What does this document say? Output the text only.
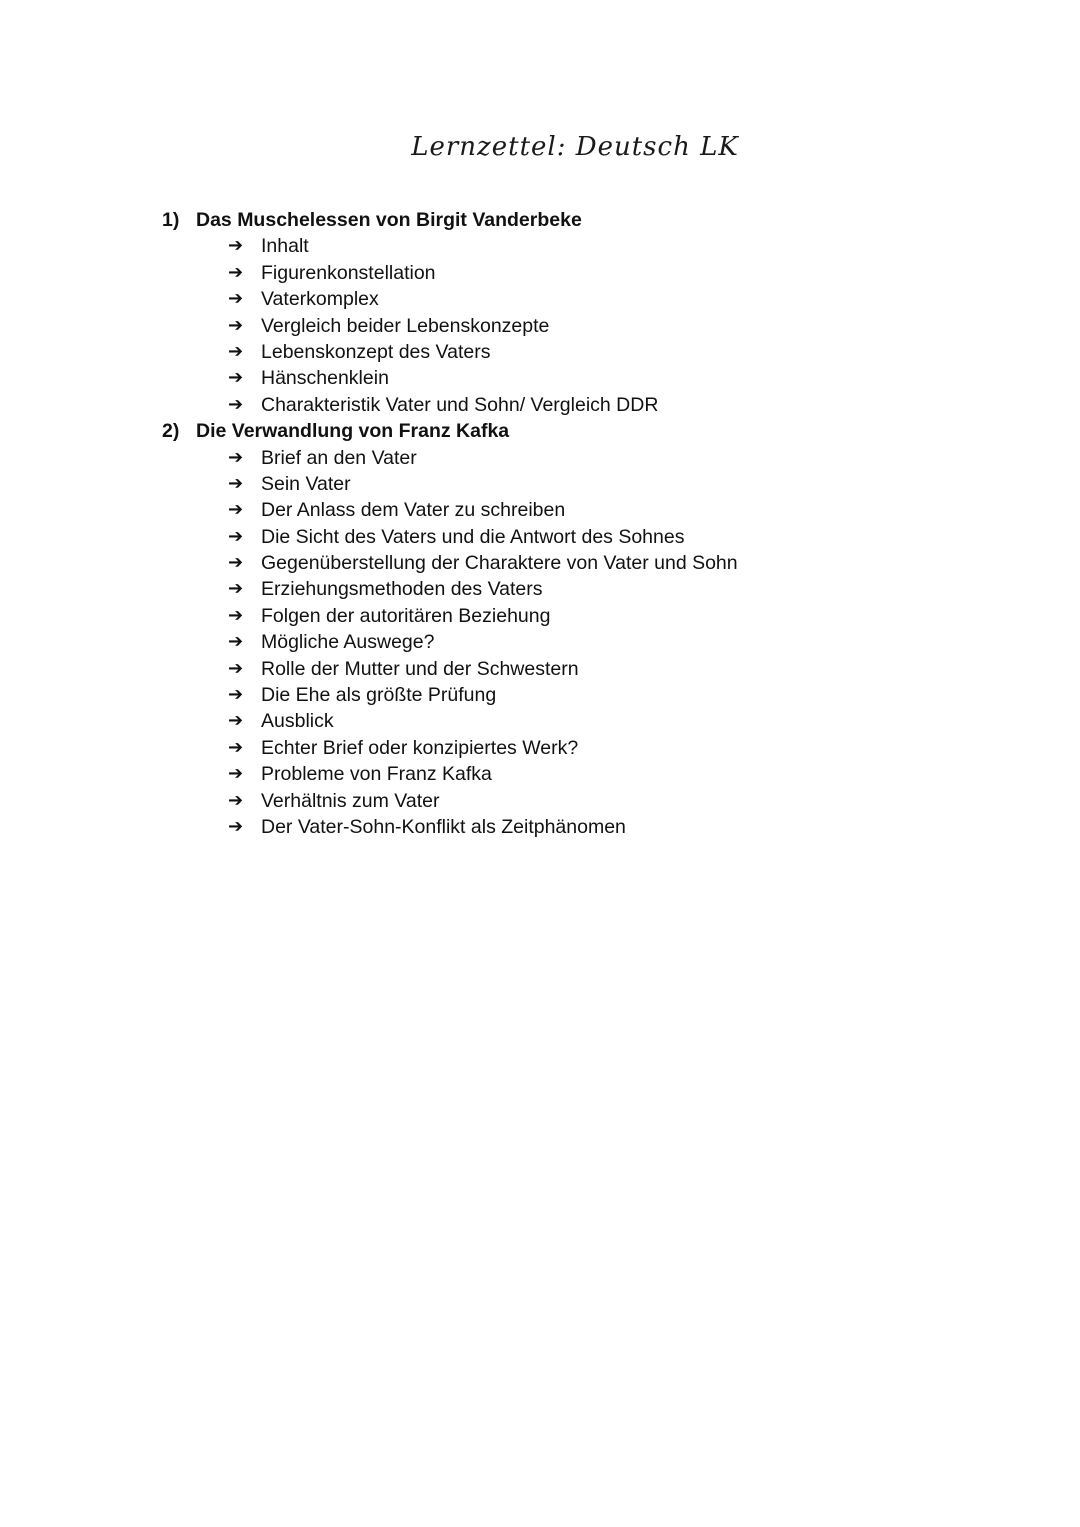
Lernzettel: Deutsch LK
1) Das Muschelessen von Birgit Vanderbeke
➔ Inhalt
➔ Figurenkonstellation
➔ Vaterkomplex
➔ Vergleich beider Lebenskonzepte
➔ Lebenskonzept des Vaters
➔ Hänschenklein
➔ Charakteristik Vater und Sohn/ Vergleich DDR
2) Die Verwandlung von Franz Kafka
➔ Brief an den Vater
➔ Sein Vater
➔ Der Anlass dem Vater zu schreiben
➔ Die Sicht des Vaters und die Antwort des Sohnes
➔ Gegenüberstellung der Charaktere von Vater und Sohn
➔ Erziehungsmethoden des Vaters
➔ Folgen der autoritären Beziehung
➔ Mögliche Auswege?
➔ Rolle der Mutter und der Schwestern
➔ Die Ehe als größte Prüfung
➔ Ausblick
➔ Echter Brief oder konzipiertes Werk?
➔ Probleme von Franz Kafka
➔ Verhältnis zum Vater
➔ Der Vater-Sohn-Konflikt als Zeitphänomen
